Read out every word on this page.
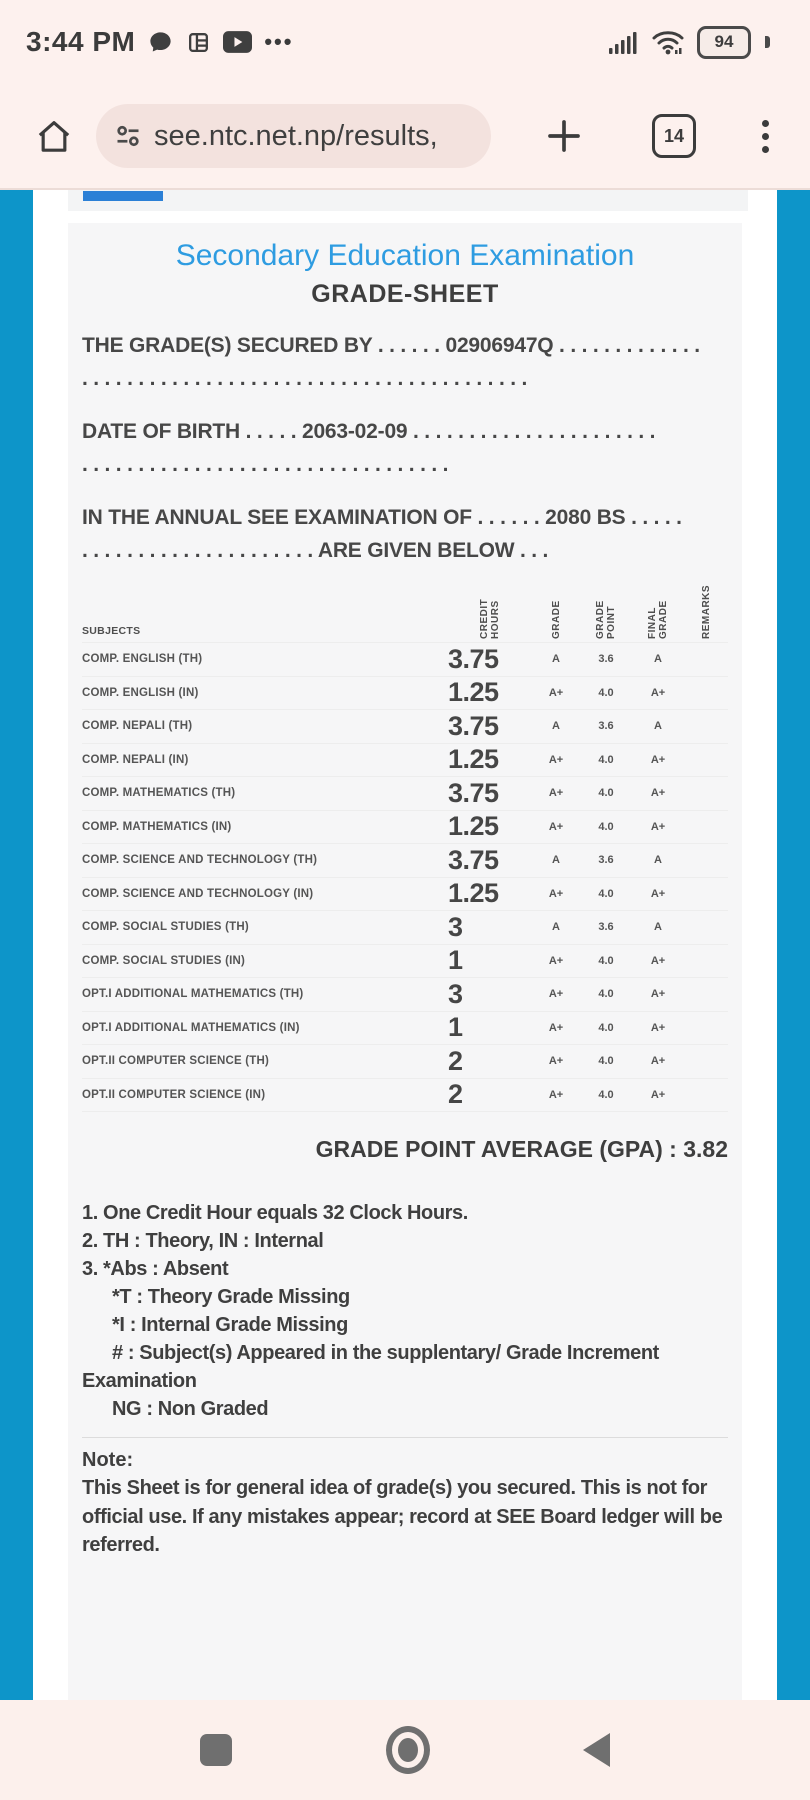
3:44 PM	•••	94
see.ntc.net.np/results,	14
Secondary Education Examination
GRADE-SHEET

THE GRADE(S) SECURED BY . . . . . . 02906947Q . . . . . . . . . . . . .

. . . . . . . . . . . . . . . . . . . . . . . . . . . . . . . . . . . . . . . .

DATE OF BIRTH . . . . . 2063-02-09 . . . . . . . . . . . . . . . . . . . . . .

. . . . . . . . . . . . . . . . . . . . . . . . . . . . . . . . .

IN THE ANNUAL SEE EXAMINATION OF . . . . . . 2080 BS . . . . .

. . . . . . . . . . . . . . . . . . . . . ARE GIVEN BELOW . . .

SUBJECTS	CREDIT HOURS	GRADE	GRADE POINT	FINAL GRADE	REMARKS
COMP. ENGLISH (TH)	3.75	A	3.6	A
COMP. ENGLISH (IN)	1.25	A+	4.0	A+
COMP. NEPALI (TH)	3.75	A	3.6	A
COMP. NEPALI (IN)	1.25	A+	4.0	A+
COMP. MATHEMATICS (TH)	3.75	A+	4.0	A+
COMP. MATHEMATICS (IN)	1.25	A+	4.0	A+
COMP. SCIENCE AND TECHNOLOGY (TH)	3.75	A	3.6	A
COMP. SCIENCE AND TECHNOLOGY (IN)	1.25	A+	4.0	A+
COMP. SOCIAL STUDIES (TH)	3	A	3.6	A
COMP. SOCIAL STUDIES (IN)	1	A+	4.0	A+
OPT.I ADDITIONAL MATHEMATICS (TH)	3	A+	4.0	A+
OPT.I ADDITIONAL MATHEMATICS (IN)	1	A+	4.0	A+
OPT.II COMPUTER SCIENCE (TH)	2	A+	4.0	A+
OPT.II COMPUTER SCIENCE (IN)	2	A+	4.0	A+

GRADE POINT AVERAGE (GPA) : 3.82

1. One Credit Hour equals 32 Clock Hours.
2. TH : Theory, IN : Internal
3. *Abs : Absent
*T : Theory Grade Missing
*I : Internal Grade Missing
# : Subject(s) Appeared in the supplentary/ Grade Increment Examination
NG : Non Graded

Note:

This Sheet is for general idea of grade(s) you secured. This is not for official use. If any mistakes appear; record at SEE Board ledger will be referred.
